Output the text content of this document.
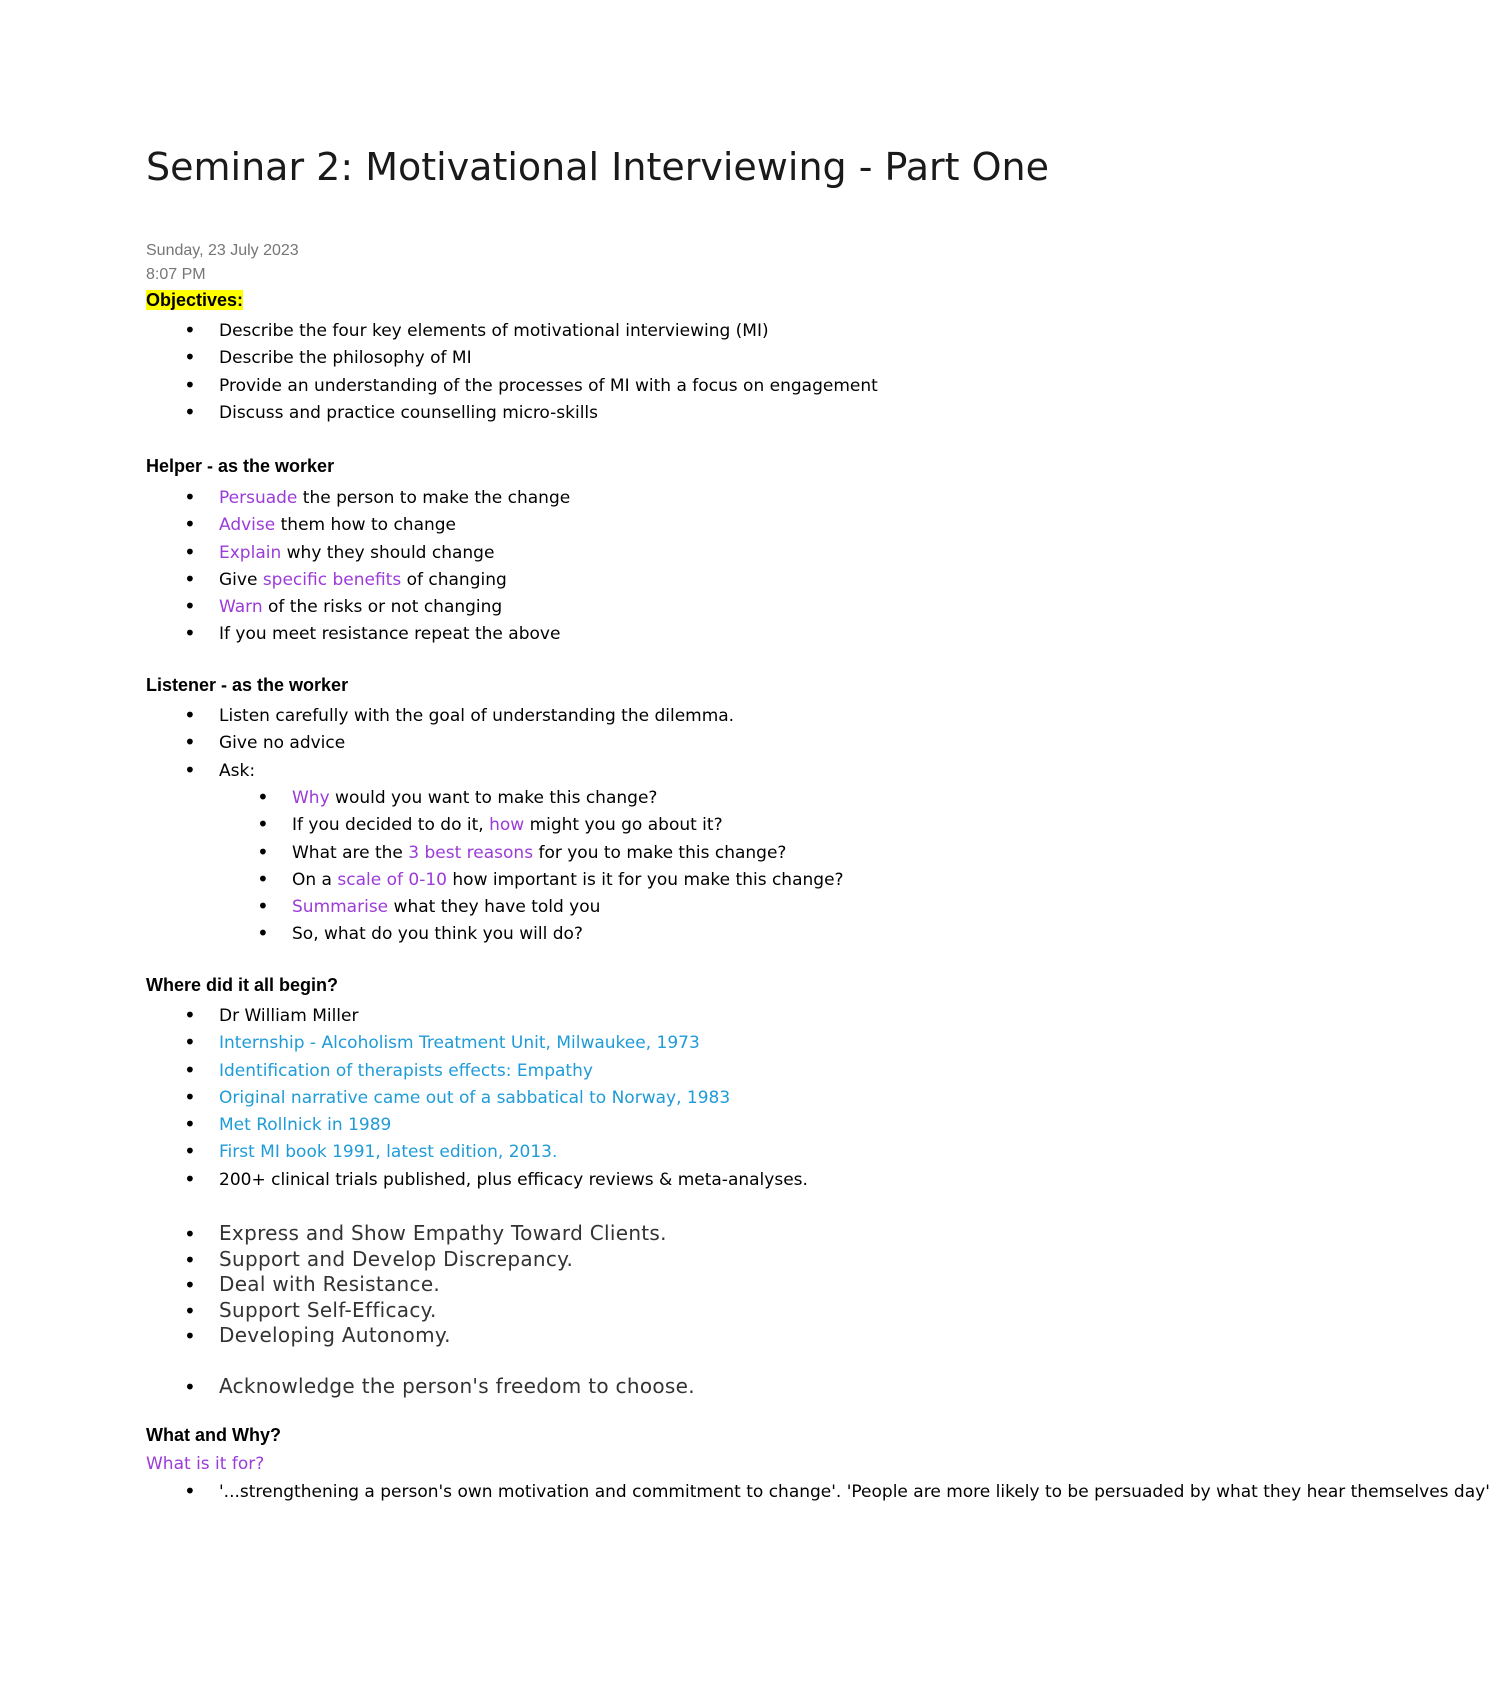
Seminar 2: Motivational Interviewing - Part One
Sunday, 23 July 2023
8:07 PM
Objectives:
• Describe the four key elements of motivational interviewing (MI)
• Describe the philosophy of MI
• Provide an understanding of the processes of MI with a focus on engagement
• Discuss and practice counselling micro-skills
Helper - as the worker
• Persuade the person to make the change
• Advise them how to change
• Explain why they should change
• Give specific benefits of changing
• Warn of the risks or not changing
• If you meet resistance repeat the above
Listener - as the worker
• Listen carefully with the goal of understanding the dilemma.
• Give no advice
• Ask:
• Why would you want to make this change?
• If you decided to do it, how might you go about it?
• What are the 3 best reasons for you to make this change?
• On a scale of 0-10 how important is it for you make this change?
• Summarise what they have told you
• So, what do you think you will do?
Where did it all begin?
• Dr William Miller
• Internship - Alcoholism Treatment Unit, Milwaukee, 1973
• Identification of therapists effects: Empathy
• Original narrative came out of a sabbatical to Norway, 1983
• Met Rollnick in 1989
• First MI book 1991, latest edition, 2013.
• 200+ clinical trials published, plus efficacy reviews & meta-analyses.
• Express and Show Empathy Toward Clients.
• Support and Develop Discrepancy.
• Deal with Resistance.
• Support Self-Efficacy.
• Developing Autonomy.
• Acknowledge the person's freedom to choose.
What and Why?
What is it for?
• '...strengthening a person's own motivation and commitment to change'. 'People are more likely to be persuaded by what they hear themselves day'
